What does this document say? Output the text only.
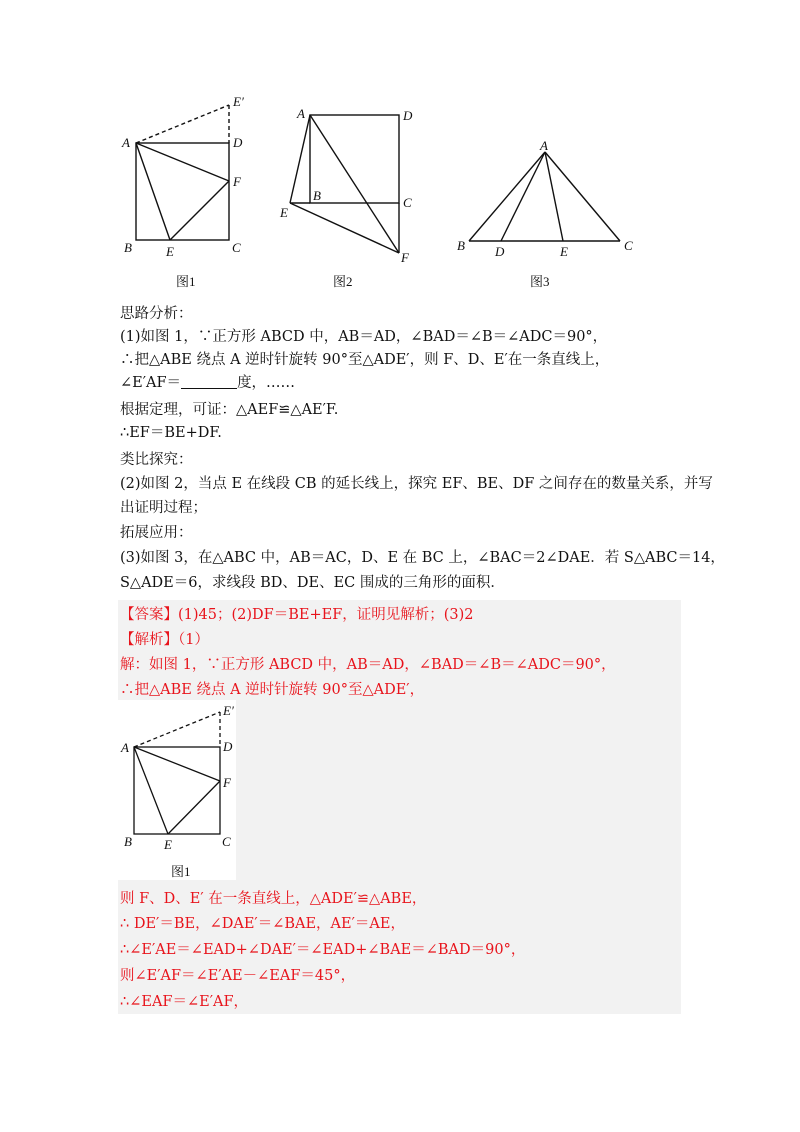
A	D
E′
F
B	E	C
图1
A	D
B	C
E
F
图2
A
B D	E	C
图3
思路分析：
(1)如图 1，∵正方形 ABCD 中，AB＝AD，∠BAD＝∠B＝∠ADC＝90°，
∴把△ABE 绕点 A 逆时针旋转 90°至△ADE′，则 F、D、E′在一条直线上，
∠E′AF＝	度，……
根据定理，可证：△AEF≌△AE′F.
∴EF＝BE+DF.
类比探究：
(2)如图 2，当点 E 在线段 CB 的延长线上，探究 EF、BE、DF 之间存在的数量关系，并写
出证明过程；
拓展应用：
(3)如图 3，在△ABC 中，AB＝AC，D、E 在 BC 上，∠BAC＝2∠DAE．若 S△ABC＝14，
S△ADE＝6，求线段 BD、DE、EC 围成的三角形的面积．
【答案】(1)45；(2)DF＝BE+EF，证明见解析；(3)2
【解析】（1）
解：如图 1，∵正方形 ABCD 中，AB＝AD，∠BAD＝∠B＝∠ADC＝90°，
∴把△ABE 绕点 A 逆时针旋转 90°至△ADE′，
A	D
E′
F
B E	C
图1
则 F、D、E′ 在一条直线上，△ADE′≌△ABE，
∴ DE′＝BE，∠DAE′＝∠BAE，AE′＝AE，
∴∠E′AE＝∠EAD+∠DAE′＝∠EAD+∠BAE＝∠BAD＝90°，
则∠E′AF＝∠E′AE－∠EAF＝45°，
∴∠EAF＝∠E′AF，
